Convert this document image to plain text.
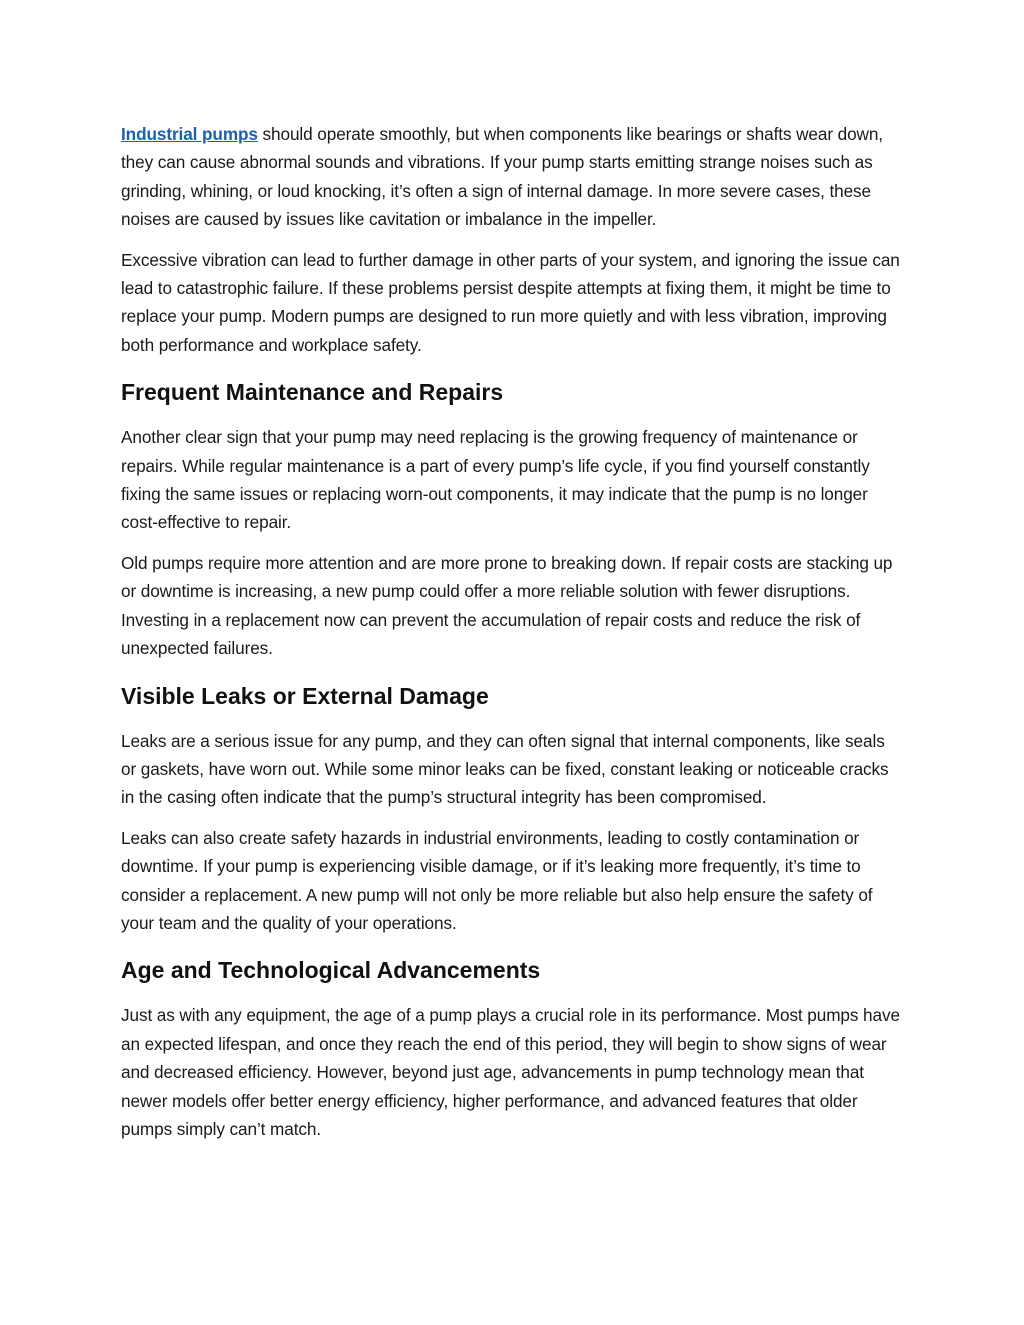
Industrial pumps should operate smoothly, but when components like bearings or shafts wear down, they can cause abnormal sounds and vibrations. If your pump starts emitting strange noises such as grinding, whining, or loud knocking, it’s often a sign of internal damage. In more severe cases, these noises are caused by issues like cavitation or imbalance in the impeller.

Excessive vibration can lead to further damage in other parts of your system, and ignoring the issue can lead to catastrophic failure. If these problems persist despite attempts at fixing them, it might be time to replace your pump. Modern pumps are designed to run more quietly and with less vibration, improving both performance and workplace safety.

Frequent Maintenance and Repairs

Another clear sign that your pump may need replacing is the growing frequency of maintenance or repairs. While regular maintenance is a part of every pump’s life cycle, if you find yourself constantly fixing the same issues or replacing worn-out components, it may indicate that the pump is no longer cost-effective to repair.

Old pumps require more attention and are more prone to breaking down. If repair costs are stacking up or downtime is increasing, a new pump could offer a more reliable solution with fewer disruptions. Investing in a replacement now can prevent the accumulation of repair costs and reduce the risk of unexpected failures.

Visible Leaks or External Damage

Leaks are a serious issue for any pump, and they can often signal that internal components, like seals or gaskets, have worn out. While some minor leaks can be fixed, constant leaking or noticeable cracks in the casing often indicate that the pump’s structural integrity has been compromised.

Leaks can also create safety hazards in industrial environments, leading to costly contamination or downtime. If your pump is experiencing visible damage, or if it’s leaking more frequently, it’s time to consider a replacement. A new pump will not only be more reliable but also help ensure the safety of your team and the quality of your operations.

Age and Technological Advancements

Just as with any equipment, the age of a pump plays a crucial role in its performance. Most pumps have an expected lifespan, and once they reach the end of this period, they will begin to show signs of wear and decreased efficiency. However, beyond just age, advancements in pump technology mean that newer models offer better energy efficiency, higher performance, and advanced features that older pumps simply can’t match.
